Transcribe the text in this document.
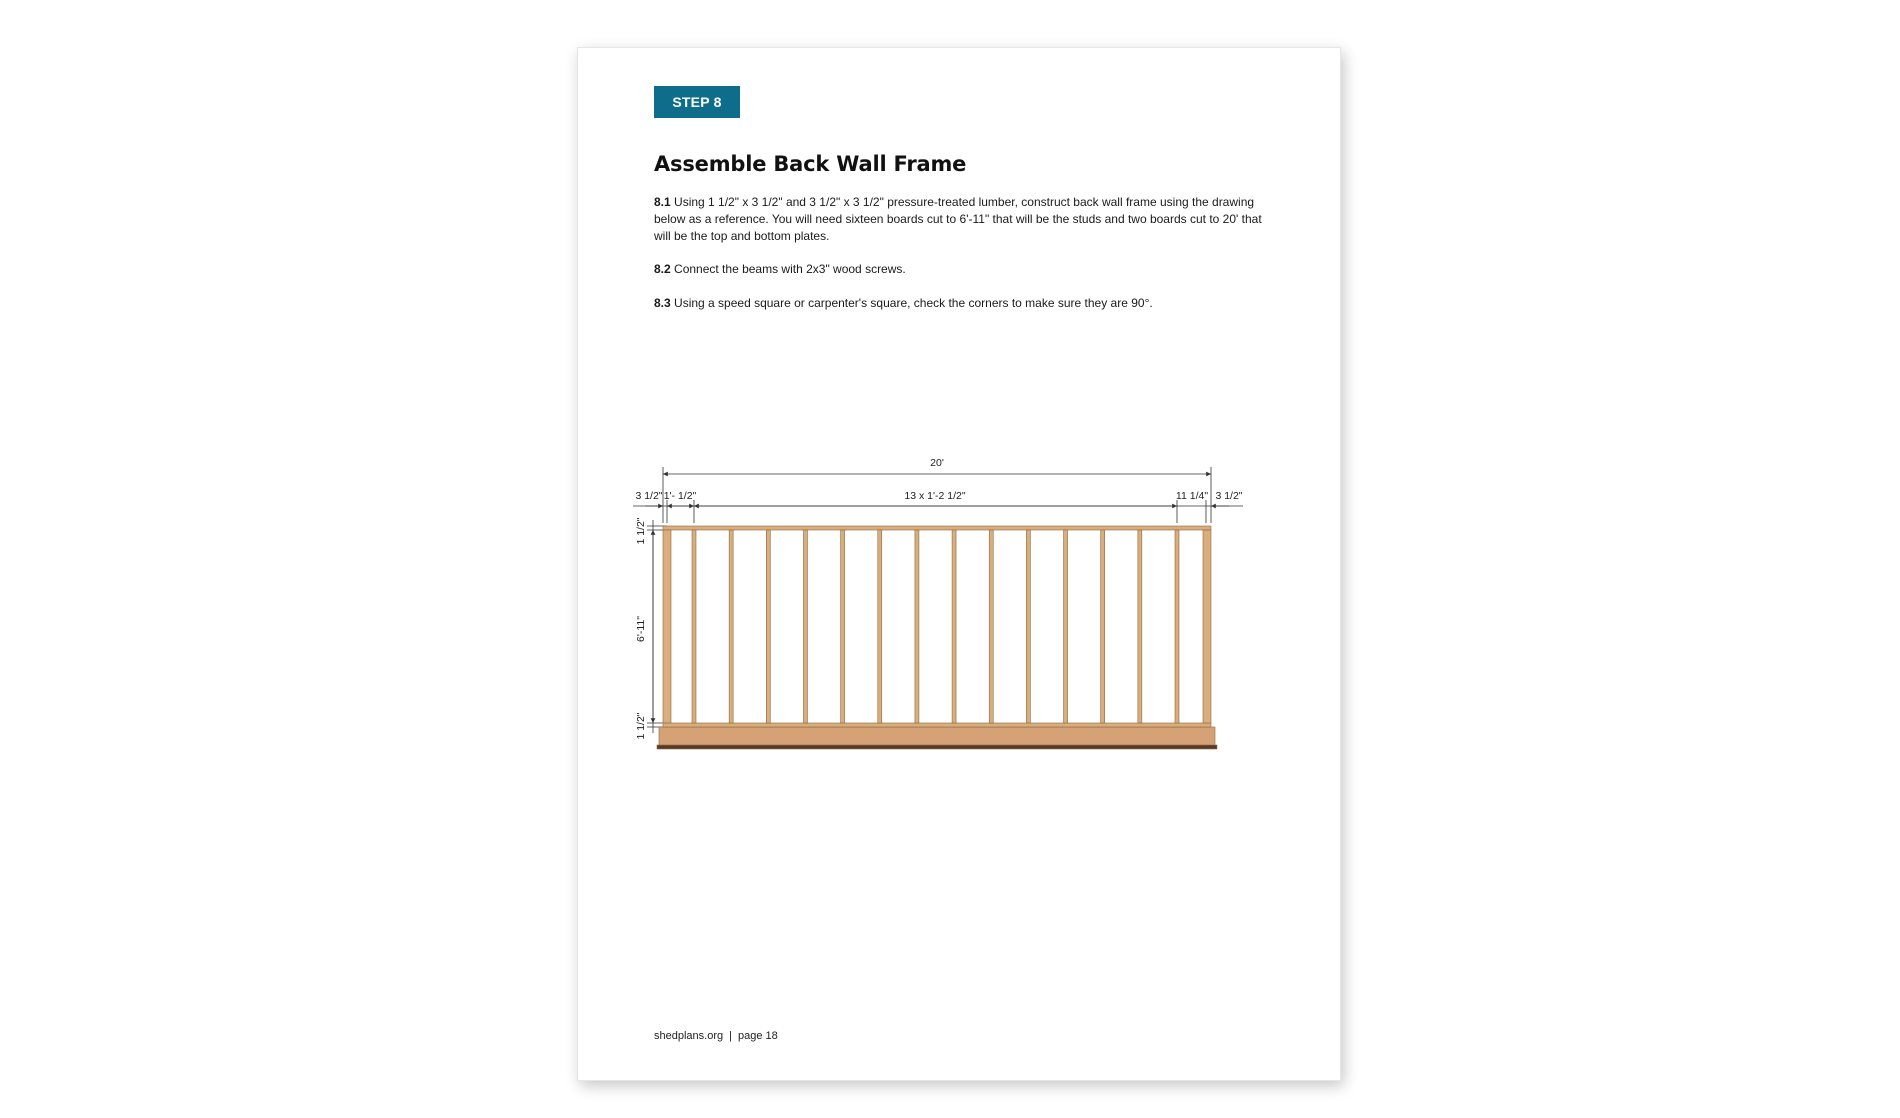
STEP 8
Assemble Back Wall Frame

8.1 Using 1 1/2" x 3 1/2" and 3 1/2" x 3 1/2" pressure-treated lumber, construct back wall frame using the drawing below as a reference. You will need sixteen boards cut to 6'-11" that will be the studs and two boards cut to 20' that will be the top and bottom plates.

8.2 Connect the beams with 2x3" wood screws.

8.3 Using a speed square or carpenter's square, check the corners to make sure they are 90°.

20'
3 1/2" 1'- 1/2"	13 x 1'-2 1/2"	11 1/4" 3 1/2"
1 1/2"
6'-11"
1 1/2"
shedplans.org | page 18
